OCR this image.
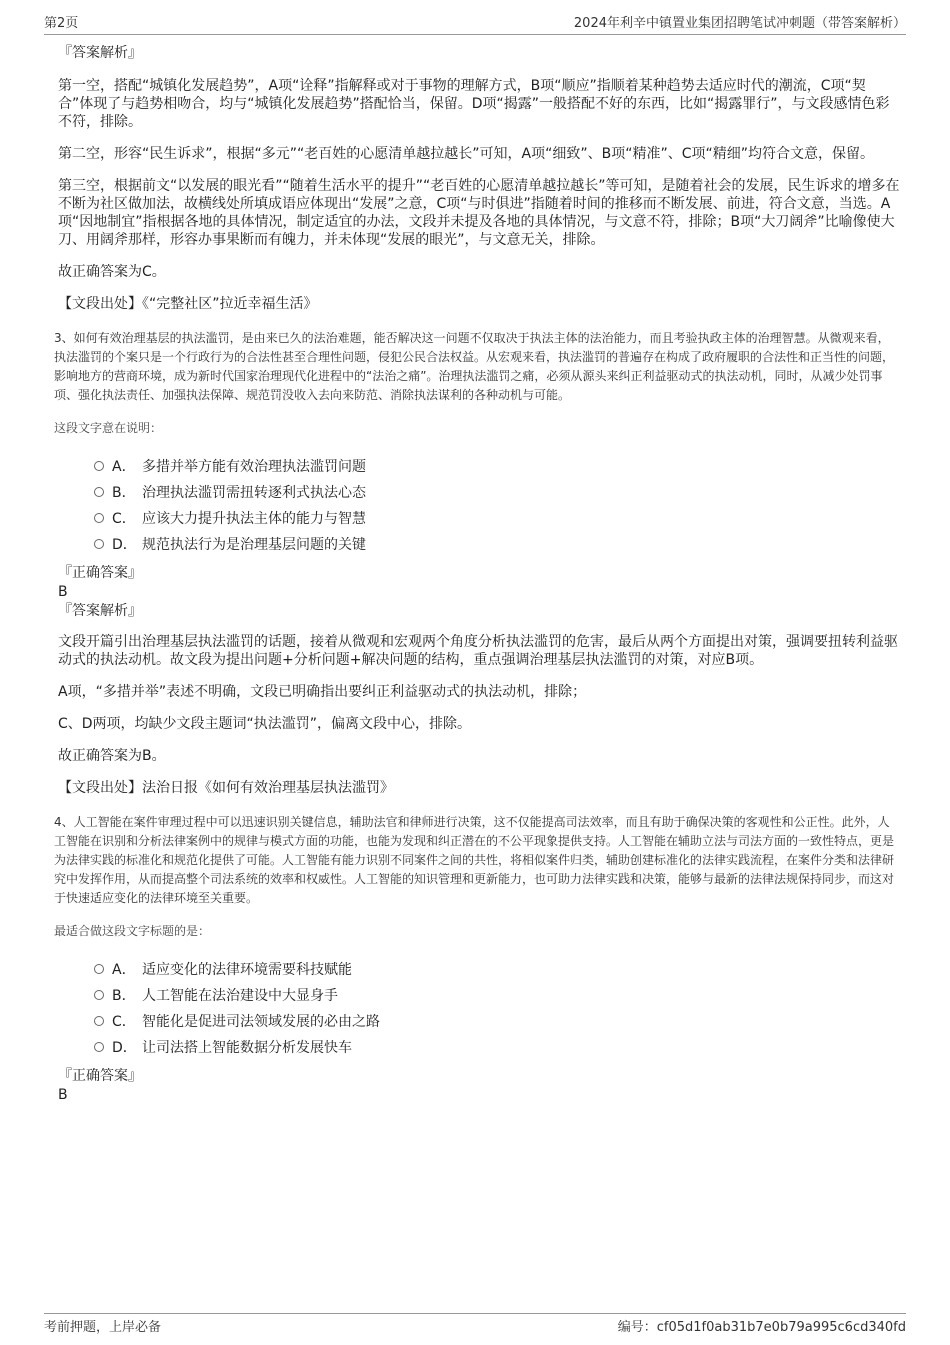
第2页	2024年利辛中镇置业集团招聘笔试冲刺题（带答案解析）

『答案解析』

第一空，搭配“城镇化发展趋势”，A项“诠释”指解释或对于事物的理解方式，B项“顺应”指顺着某种趋势去适应时代的潮流，C项“契合”体现了与趋势相吻合，均与“城镇化发展趋势”搭配恰当，保留。D项“揭露”一般搭配不好的东西，比如“揭露罪行”，与文段感情色彩不符，排除。

第二空，形容“民生诉求”，根据“多元”“老百姓的心愿清单越拉越长”可知，A项“细致”、B项“精准”、C项“精细”均符合文意，保留。

第三空，根据前文“以发展的眼光看”“随着生活水平的提升”“老百姓的心愿清单越拉越长”等可知，是随着社会的发展，民生诉求的增多在不断为社区做加法，故横线处所填成语应体现出“发展”之意，C项“与时俱进”指随着时间的推移而不断发展、前进，符合文意，当选。A项“因地制宜”指根据各地的具体情况，制定适宜的办法，文段并未提及各地的具体情况，与文意不符，排除；B项“大刀阔斧”比喻像使大刀、用阔斧那样，形容办事果断而有魄力，并未体现“发展的眼光”，与文意无关，排除。

故正确答案为C。

【文段出处】《“完整社区”拉近幸福生活》

3、如何有效治理基层的执法滥罚，是由来已久的法治难题，能否解决这一问题不仅取决于执法主体的法治能力，而且考验执政主体的治理智慧。从微观来看，执法滥罚的个案只是一个行政行为的合法性甚至合理性问题，侵犯公民合法权益。从宏观来看，执法滥罚的普遍存在构成了政府履职的合法性和正当性的问题，影响地方的营商环境，成为新时代国家治理现代化进程中的“法治之痛”。治理执法滥罚之痛，必须从源头来纠正利益驱动式的执法动机，同时，从减少处罚事项、强化执法责任、加强执法保障、规范罚没收入去向来防范、消除执法谋利的各种动机与可能。

这段文字意在说明：

A． 多措并举方能有效治理执法滥罚问题
B． 治理执法滥罚需扭转逐利式执法心态
C． 应该大力提升执法主体的能力与智慧
D． 规范执法行为是治理基层问题的关键

『正确答案』

B

『答案解析』

文段开篇引出治理基层执法滥罚的话题，接着从微观和宏观两个角度分析执法滥罚的危害，最后从两个方面提出对策，强调要扭转利益驱动式的执法动机。故文段为提出问题+分析问题+解决问题的结构，重点强调治理基层执法滥罚的对策，对应B项。

A项，“多措并举”表述不明确，文段已明确指出要纠正利益驱动式的执法动机，排除；

C、D两项，均缺少文段主题词“执法滥罚”，偏离文段中心，排除。

故正确答案为B。

【文段出处】法治日报《如何有效治理基层执法滥罚》

4、人工智能在案件审理过程中可以迅速识别关键信息，辅助法官和律师进行决策，这不仅能提高司法效率，而且有助于确保决策的客观性和公正性。此外，人工智能在识别和分析法律案例中的规律与模式方面的功能，也能为发现和纠正潜在的不公平现象提供支持。人工智能在辅助立法与司法方面的一致性特点，更是为法律实践的标准化和规范化提供了可能。人工智能有能力识别不同案件之间的共性，将相似案件归类，辅助创建标准化的法律实践流程，在案件分类和法律研究中发挥作用，从而提高整个司法系统的效率和权威性。人工智能的知识管理和更新能力，也可助力法律实践和决策，能够与最新的法律法规保持同步，而这对于快速适应变化的法律环境至关重要。

最适合做这段文字标题的是：

A． 适应变化的法律环境需要科技赋能
B． 人工智能在法治建设中大显身手
C． 智能化是促进司法领域发展的必由之路
D． 让司法搭上智能数据分析发展快车

『正确答案』

B

考前押题，上岸必备	编号：cf05d1f0ab31b7e0b79a995c6cd340fd
